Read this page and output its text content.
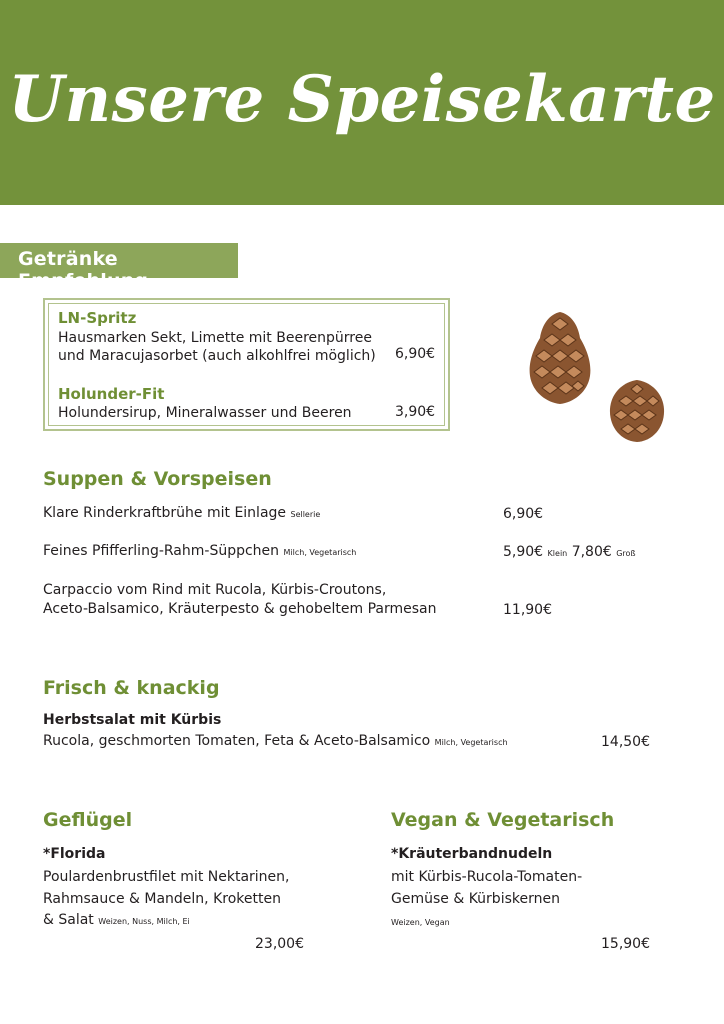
Unsere Speisekarte
Getränke Empfehlung
LN-Spritz
Hausmarken Sekt, Limette mit Beerenpürree
und Maracujasorbet (auch alkohlfrei möglich) 6,90€
Holunder-Fit
Holundersirup, Mineralwasser und Beeren	3,90€
Suppen & Vorspeisen
Klare Rinderkraftbrühe mit Einlage Sellerie	6,90€
Feines Pfifferling-Rahm-Süppchen Milch, Vegetarisch	5,90€ Klein 7,80€ Groß
Carpaccio vom Rind mit Rucola, Kürbis-Croutons,
Aceto-Balsamico, Kräuterpesto & gehobeltem Parmesan	11,90€
Frisch & knackig
Herbstsalat mit Kürbis
Rucola, geschmorten Tomaten, Feta & Aceto-Balsamico Milch, Vegetarisch	14,50€
Geflügel
*Florida
Poulardenbrustfilet mit Nektarinen,
Rahmsauce & Mandeln, Kroketten
& Salat Weizen, Nuss, Milch, Ei
23,00€
Vegan & Vegetarisch
*Kräuterbandnudeln
mit Kürbis-Rucola-Tomaten-
Gemüse & Kürbiskernen
Weizen, Vegan
15,90€
